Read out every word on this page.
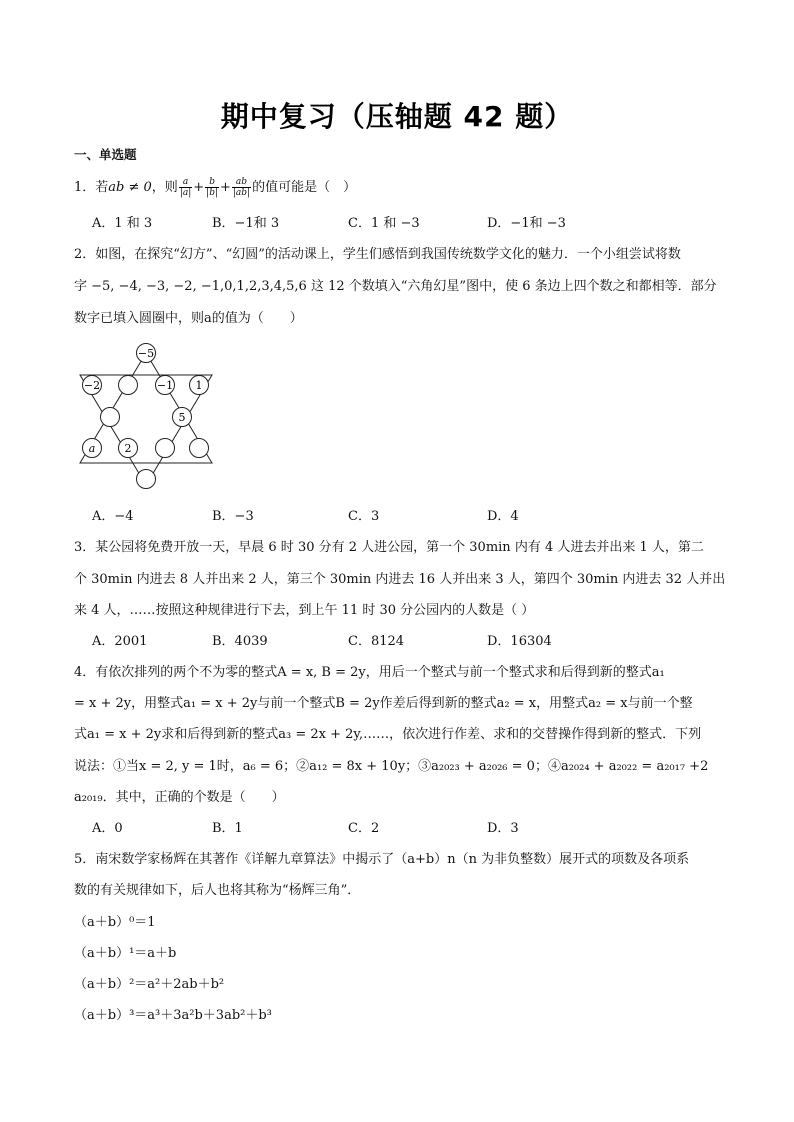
期中复习（压轴题 42 题）
一、单选题
1．若ab ≠ 0，则 $\frac{a}{|a|} + \frac{b}{|b|} + \frac{ab}{|ab|}$ 的值可能是（　）
A．1 和 3	B．−1和 3	C．1 和 −3	D．−1和 −3
2．如图，在探究“幻方”、“幻圆”的活动课上，学生们感悟到我国传统数学文化的魅力．一个小组尝试将数
字 −5, −4, −3, −2, −1,0,1,2,3,4,5,6 这 12 个数填入“六角幻星”图中，使 6 条边上四个数之和都相等．部分
数字已填入圆圈中，则a的值为（　　）
−5
−2	−1 1
5
a	2
A．−4	B．−3	C．3	D．4
3．某公园将免费开放一天，早晨 6 时 30 分有 2 人进公园，第一个 30min 内有 4 人进去并出来 1 人，第二
个 30min 内进去 8 人并出来 2 人，第三个 30min 内进去 16 人并出来 3 人，第四个 30min 内进去 32 人并出
来 4 人，……按照这种规律进行下去，到上午 11 时 30 分公园内的人数是（ ）
A．2001	B．4039	C．8124	D．16304
4．有依次排列的两个不为零的整式A = x, B = 2y，用后一个整式与前一个整式求和后得到新的整式a₁
= x + 2y，用整式a₁ = x + 2y与前一个整式B = 2y作差后得到新的整式a₂ = x，用整式a₂ = x与前一个整
式a₁ = x + 2y求和后得到新的整式a₃ = 2x + 2y,……，依次进行作差、求和的交替操作得到新的整式．下列
说法：①当x = 2, y = 1时，a₆ = 6；②a₁₂ = 8x + 10y；③a₂₀₂₃ + a₂₀₂₆ = 0；④a₂₀₂₄ + a₂₀₂₂ = a₂₀₁₇ +2
a₂₀₁₉．其中，正确的个数是（　　）
A．0	B．1	C．2	D．3
5．南宋数学家杨辉在其著作《详解九章算法》中揭示了（a+b）n（n 为非负整数）展开式的项数及各项系
数的有关规律如下，后人也将其称为“杨辉三角”．
（a＋b）⁰＝1
（a＋b）¹＝a＋b
（a＋b）²＝a²＋2ab＋b²
（a＋b）³＝a³＋3a²b＋3ab²＋b³
